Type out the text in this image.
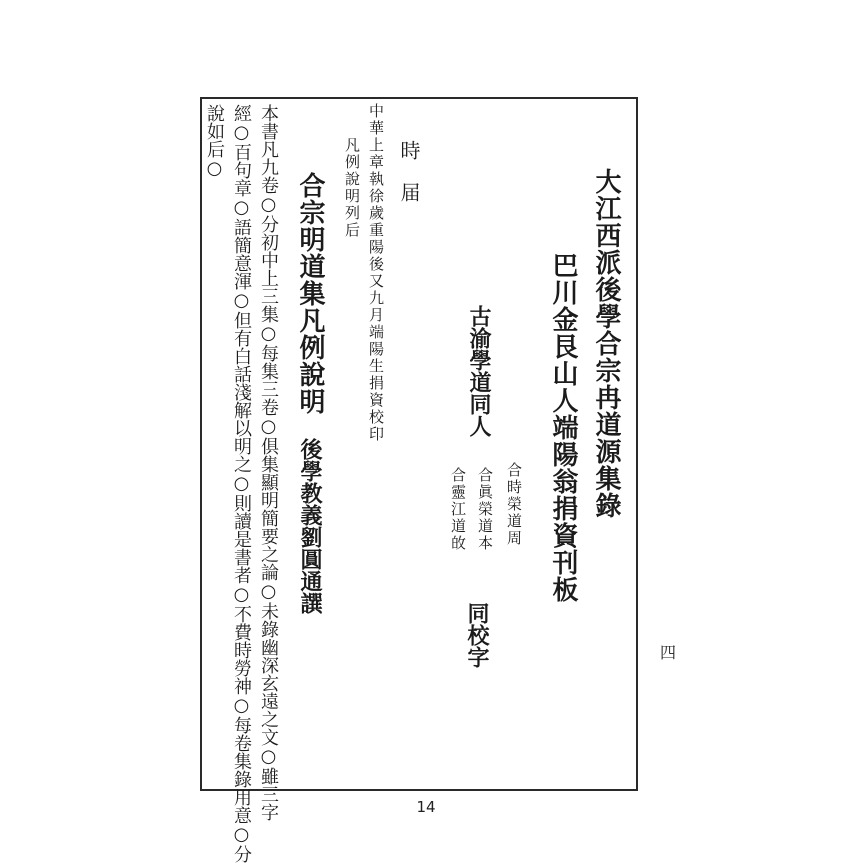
大江西派後學合宗冉道源集錄
巴川金艮山人端陽翁捐資刊板
古渝學道同人
合時榮道周
合眞榮道本
合靈江道敀
同校字
時　届
中華上章執徐歲重陽後又九月端陽生捐資校印
凡例說明列后
合宗明道集凡例說明
後學教義劉圓通譔
本書凡九卷○分初中上三集○每集三卷○俱集顯明簡要之論○未錄幽深玄遠之文○雖三字
經○百句章○語簡意渾○但有白話淺解以明之○則讀是書者○不費時勞神○每卷集錄用意○分
說如后○
14
四
